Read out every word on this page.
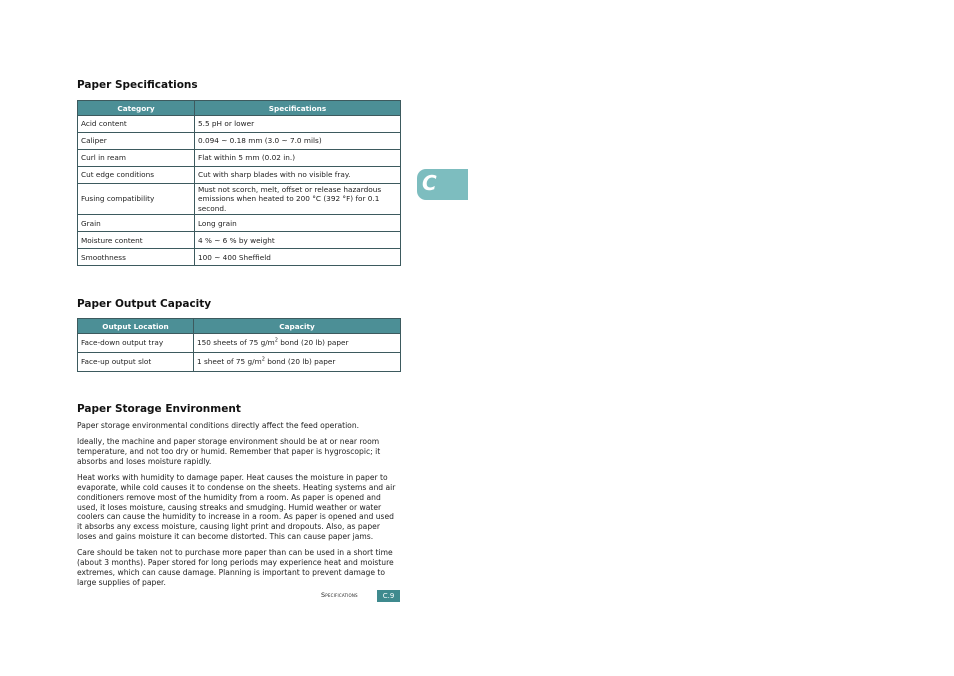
Paper Specifications
Category	Specifications
Acid content	5.5 pH or lower
Caliper	0.094 ~ 0.18 mm (3.0 ~ 7.0 mils)
Curl in ream	Flat within 5 mm (0.02 in.)
Cut edge conditions	Cut with sharp blades with no visible fray.
Fusing compatibility	Must not scorch, melt, offset or release hazardous emissions when heated to 200 °C (392 °F) for 0.1 second.
Grain	Long grain
Moisture content	4 % ~ 6 % by weight
Smoothness	100 ~ 400 Sheffield
Paper Output Capacity
Output Location	Capacity
Face-down output tray	150 sheets of 75 $g/m^2$ bond (20 lb) paper
Face-up output slot	1 sheet of 75 $g/m^2$ bond (20 lb) paper
Paper Storage Environment

Paper storage environmental conditions directly affect the feed operation.

Ideally, the machine and paper storage environment should be at or near room temperature, and not too dry or humid. Remember that paper is hygroscopic; it absorbs and loses moisture rapidly.

Heat works with humidity to damage paper. Heat causes the moisture in paper to evaporate, while cold causes it to condense on the sheets. Heating systems and air conditioners remove most of the humidity from a room. As paper is opened and used, it loses moisture, causing streaks and smudging. Humid weather or water coolers can cause the humidity to increase in a room. As paper is opened and used it absorbs any excess moisture, causing light print and dropouts. Also, as paper loses and gains moisture it can become distorted. This can cause paper jams.

Care should be taken not to purchase more paper than can be used in a short time (about 3 months). Paper stored for long periods may experience heat and moisture extremes, which can cause damage. Planning is important to prevent damage to large supplies of paper.

C
Specifications	C.9
